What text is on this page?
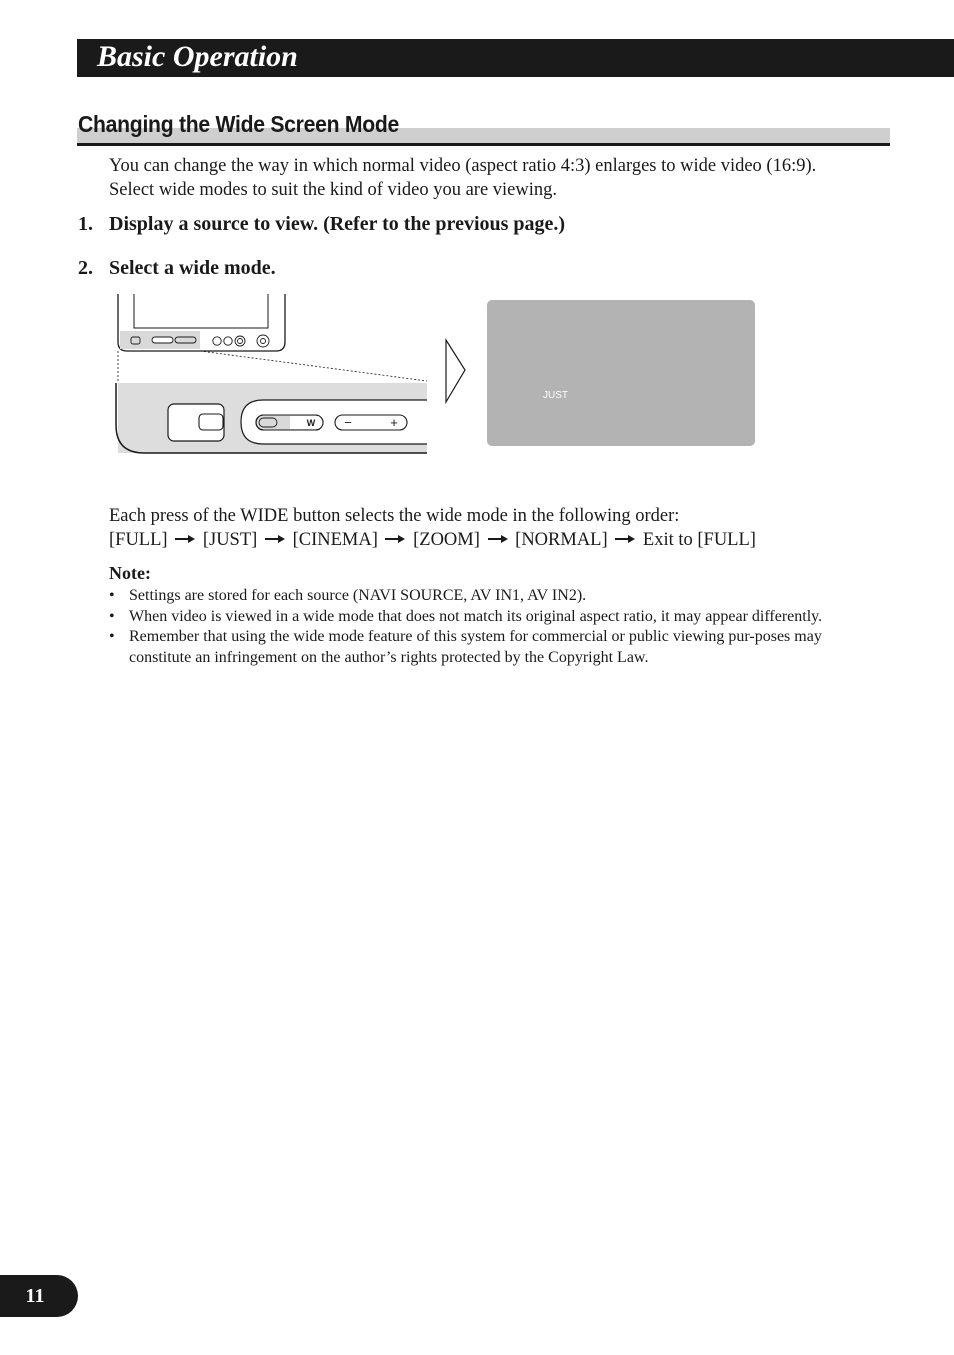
Basic Operation
Changing the Wide Screen Mode
You can change the way in which normal video (aspect ratio 4:3) enlarges to wide video (16:9). Select wide modes to suit the kind of video you are viewing.
1. Display a source to view. (Refer to the previous page.)
2. Select a wide mode.
W −	+
JUST
Each press of the WIDE button selects the wide mode in the following order:
[FULL] [JUST] [CINEMA] [ZOOM] [NORMAL] Exit to [FULL]
Note:
• Settings are stored for each source (NAVI SOURCE, AV IN1, AV IN2).
• When video is viewed in a wide mode that does not match its original aspect ratio, it may appear differently.
• Remember that using the wide mode feature of this system for commercial or public viewing pur-poses may constitute an infringement on the author’s rights protected by the Copyright Law.
11
